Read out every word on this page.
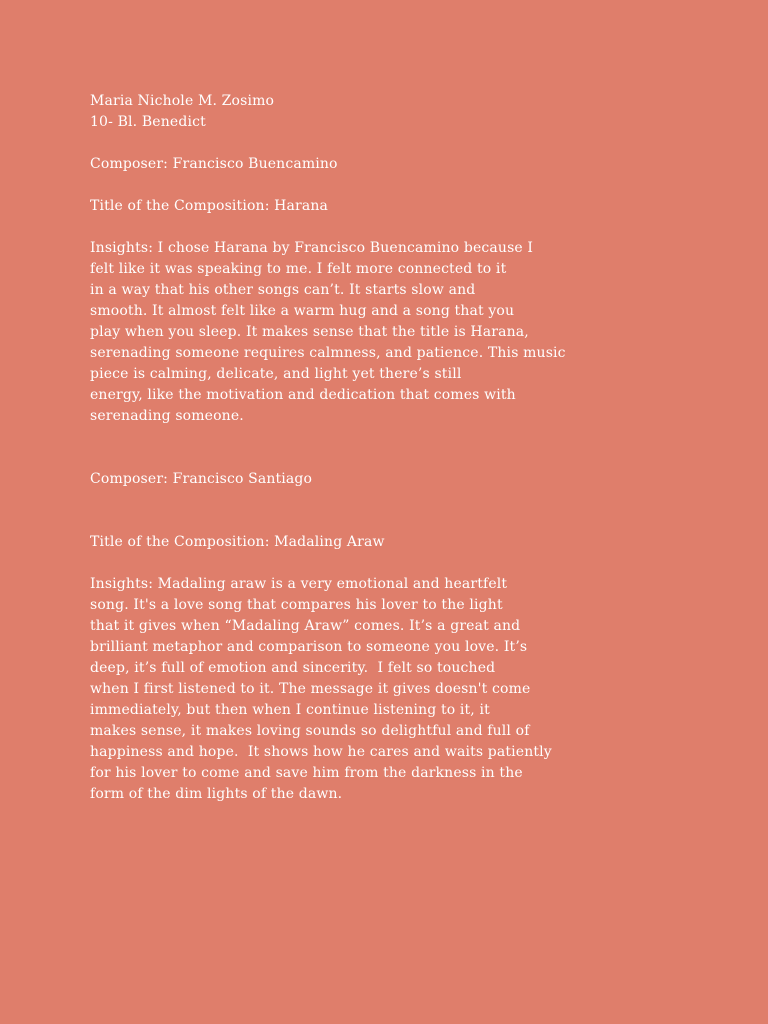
Maria Nichole M. Zosimo

10- Bl. Benedict

Composer: Francisco Buencamino

Title of the Composition: Harana

Insights: I chose Harana by Francisco Buencamino because I

felt like it was speaking to me. I felt more connected to it

in a way that his other songs can’t. It starts slow and

smooth. It almost felt like a warm hug and a song that you

play when you sleep. It makes sense that the title is Harana,

serenading someone requires calmness, and patience. This music

piece is calming, delicate, and light yet there’s still

energy, like the motivation and dedication that comes with

serenading someone.

Composer: Francisco Santiago

Title of the Composition: Madaling Araw

Insights: Madaling araw is a very emotional and heartfelt

song. It's a love song that compares his lover to the light

that it gives when “Madaling Araw” comes. It’s a great and

brilliant metaphor and comparison to someone you love. It’s

deep, it’s full of emotion and sincerity.  I felt so touched

when I first listened to it. The message it gives doesn't come

immediately, but then when I continue listening to it, it

makes sense, it makes loving sounds so delightful and full of

happiness and hope.  It shows how he cares and waits patiently

for his lover to come and save him from the darkness in the

form of the dim lights of the dawn.
